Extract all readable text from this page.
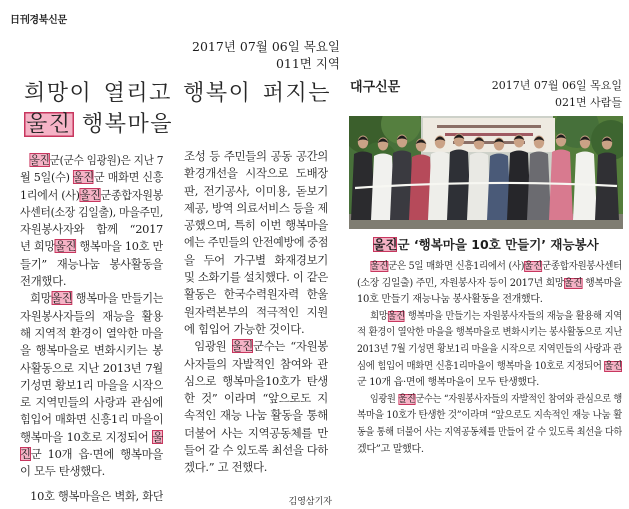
日刊경북신문
2017년 07월 06일 목요일
011면 지역
희망이 열리고 행복이 퍼지는
울진 행복마을
울진군(군수 임광원)은 지난 7
월 5일(수) 울진군 매화면 신흥
1리에서 (사)울진군종합자원봉
사센터(소장 김일출), 마을주민,
자원봉사자와 함께 “2017
년 희망울진 행복마을 10호 만
들기” 재능나눔 봉사활동을
전개했다.
희망울진 행복마을 만들기는
자원봉사자들의 재능을 활용
해 지역적 환경이 열악한 마을
을 행복마을로 변화시키는 봉
사활동으로 지난 2013년 7월
기성면 황보1리 마을을 시작으
로 지역민들의 사랑과 관심에
힘입어 매화면 신흥1리 마을이
행복마을 10호로 지정되어 울
진군 10개 읍·면에 행복마을
이 모두 탄생했다.
10호 행복마을은 벽화, 화단
조성 등 주민들의 공동 공간의
환경개선을 시작으로 도배장
판, 전기공사, 이미용, 돋보기
제공, 방역 의료서비스 등을 제
공했으며, 특히 이번 행복마을
에는 주민들의 안전예방에 중점
을 두어 가구별 화재경보기
및 소화기를 설치했다. 이 같은
활동은 한국수력원자력 한울
원자력본부의 적극적인 지원
에 힘입어 가능한 것이다.
임광원 울진군수는 “자원봉
사자들의 자발적인 참여와 관
심으로 행복마을10호가 탄생
한 것” 이라며 “앞으로도 지
속적인 재능 나눔 활동을 통해
더불어 사는 지역공동체를 만
들어 갈 수 있도록 최선을 다하
겠다.” 고 전했다.
김영삼기자
대구신문	2017년 07월 06일 목요일
021면 사람들
울진군 ‘행복마을 10호 만들기’ 재능봉사
울진군은 5일 매화면 신흥1리에서 (사)울진군종합자원봉사센터
(소장 김일출) 주민, 자원봉사자 등이 2017년 희망울진 행복마을
10호 만들기 재능나눔 봉사활동을 전개했다.
희망울진 행복마을 만들기는 자원봉사자들의 재능을 활용해 지역
적 환경이 열악한 마을을 행복마을로 변화시키는 봉사활동으로 지난
2013년 7월 기성면 황보1리 마을을 시작으로 지역민들의 사랑과 관
심에 힘입어 매화면 신흥1리마을이 행복마을 10호로 지정되어 울진
군 10개 읍·면에 행복마을이 모두 탄생했다.
임광원 울진군수는 “자원봉사자들의 자발적인 참여와 관심으로 행
복마을 10호가 탄생한 것”이라며 “앞으로도 지속적인 재능 나눔 활
동을 통해 더불어 사는 지역공동체를 만들어 갈 수 있도록 최선을 다하
겠다”고 말했다.
